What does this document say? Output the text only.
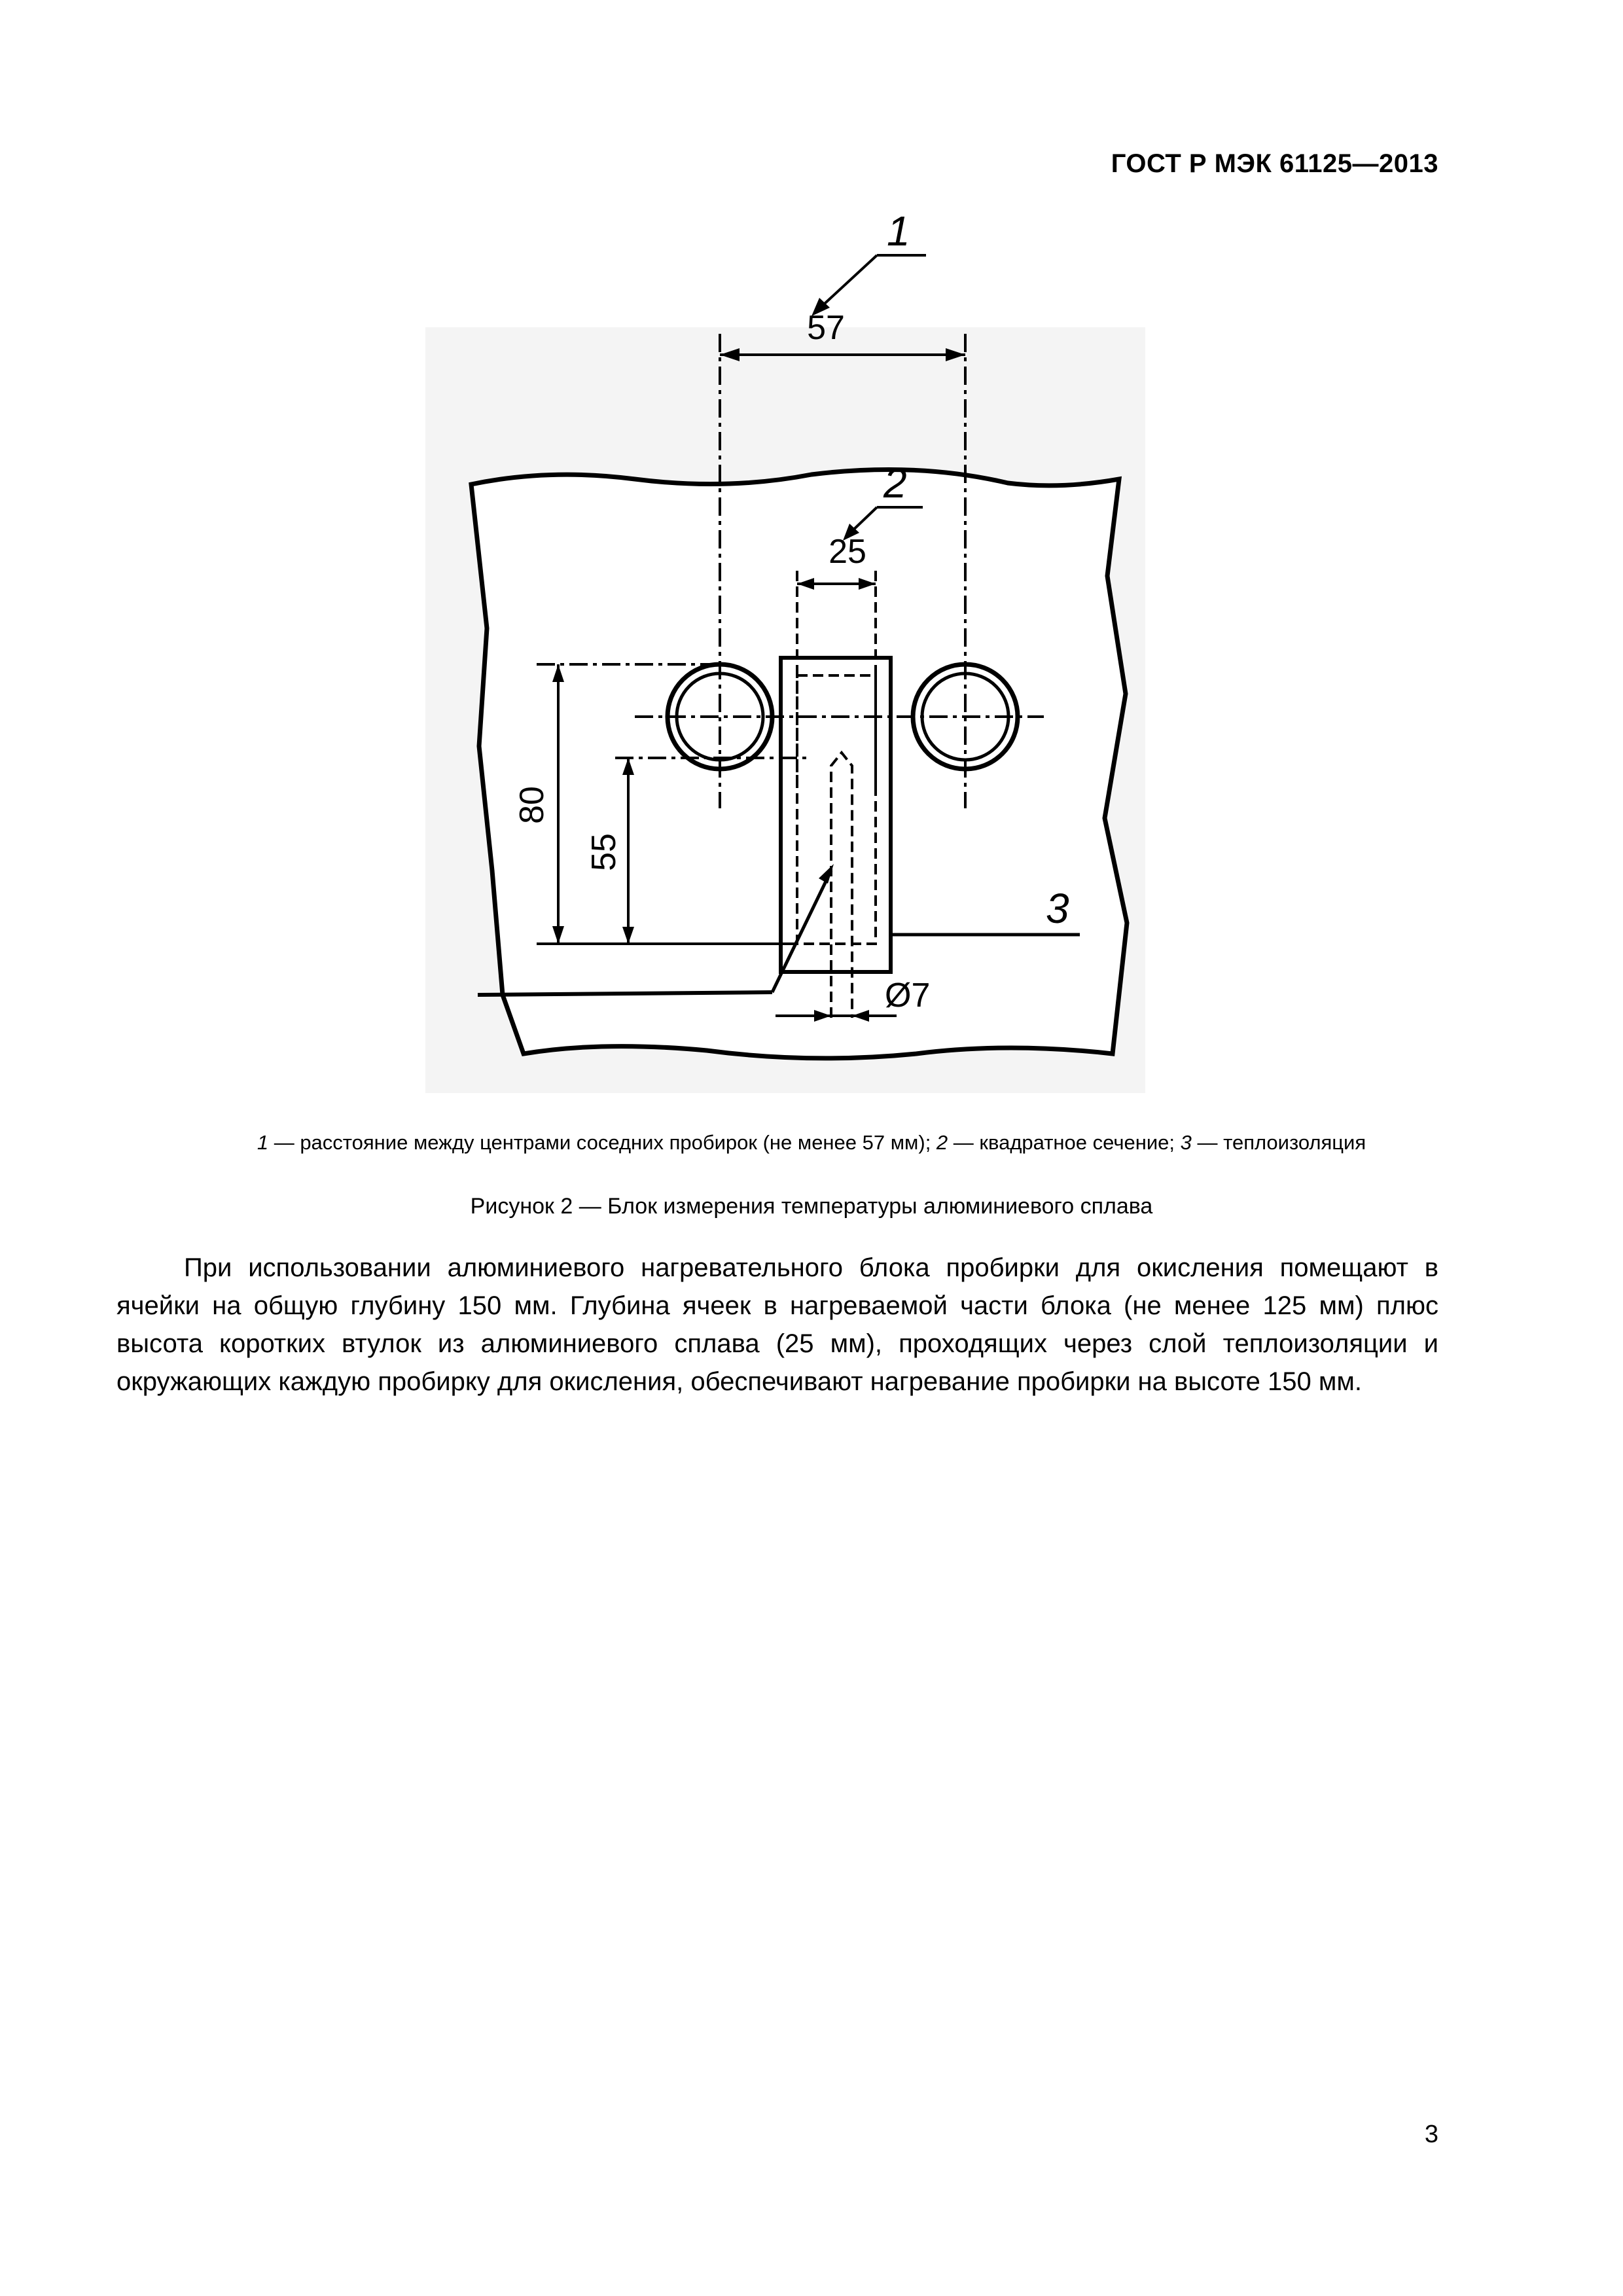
ГОСТ Р МЭК 61125—2013
57
1
2
25
80
55
3
Ø7
1 — расстояние между центрами соседних пробирок (не менее 57 мм); 2 — квадратное сечение; 3 — теплоизоляция
Рисунок 2 — Блок измерения температуры алюминиевого сплава

При использовании алюминиевого нагревательного блока пробирки для окисления помещают в ячейки на общую глубину 150 мм. Глубина ячеек в нагреваемой части блока (не менее 125 мм) плюс высота коротких втулок из алюминиевого сплава (25 мм), проходящих через слой теплоизоляции и окружающих каждую пробирку для окисления, обеспечивают нагревание пробирки на высоте 150 мм.

3
